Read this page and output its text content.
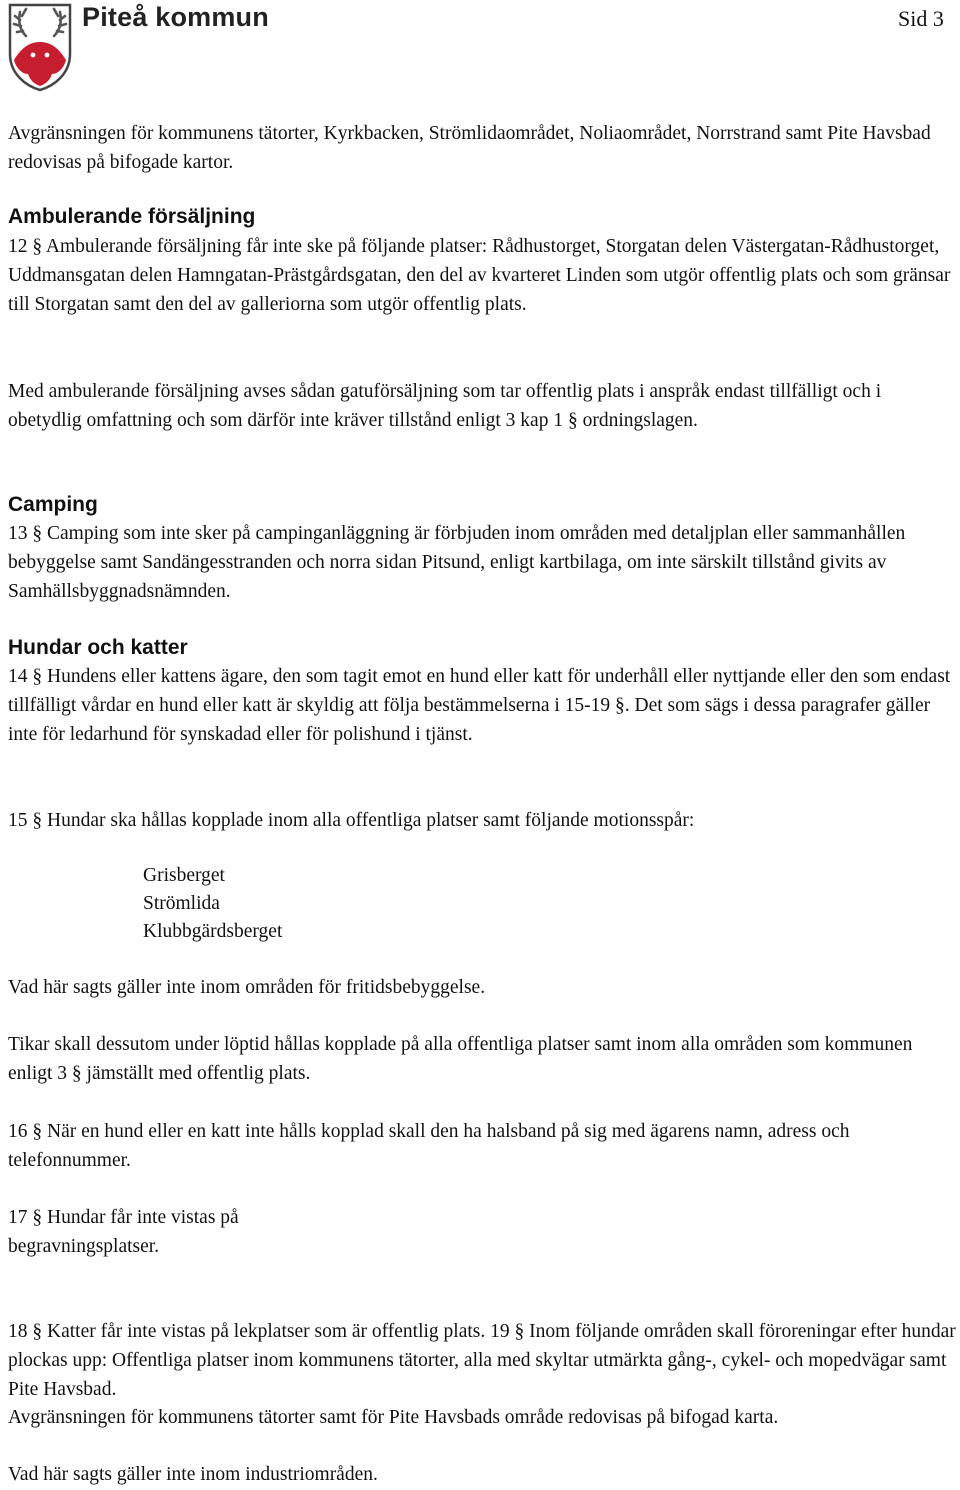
Piteå kommun	Sid 3

Avgränsningen för kommunens tätorter, Kyrkbacken, Strömlidaområdet, Noliaområdet, Norrstrand samt Pite Havsbad redovisas på bifogade kartor.

Ambulerande försäljning

12 § Ambulerande försäljning får inte ske på följande platser: Rådhustorget, Storgatan delen Västergatan-Rådhustorget, Uddmansgatan delen Hamngatan-Prästgårdsgatan, den del av kvarteret Linden som utgör offentlig plats och som gränsar till Storgatan samt den del av galleriorna som utgör offentlig plats.

Med ambulerande försäljning avses sådan gatuförsäljning som tar offentlig plats i anspråk endast tillfälligt och i obetydlig omfattning och som därför inte kräver tillstånd enligt 3 kap 1 § ordningslagen.

Camping

13 § Camping som inte sker på campinganläggning är förbjuden inom områden med detaljplan eller sammanhållen bebyggelse samt Sandängesstranden och norra sidan Pitsund, enligt kartbilaga, om inte särskilt tillstånd givits av Samhällsbyggnadsnämnden.

Hundar och katter

14 § Hundens eller kattens ägare, den som tagit emot en hund eller katt för underhåll eller nyttjande eller den som endast tillfälligt vårdar en hund eller katt är skyldig att följa bestämmelserna i 15-19 §. Det som sägs i dessa paragrafer gäller inte för ledarhund för synskadad eller för polishund i tjänst.

15 § Hundar ska hållas kopplade inom alla offentliga platser samt följande motionsspår:

Grisberget
Strömlida
Klubbgärdsberget

Vad här sagts gäller inte inom områden för fritidsbebyggelse.

Tikar skall dessutom under löptid hållas kopplade på alla offentliga platser samt inom alla områden som kommunen enligt 3 § jämställt med offentlig plats.

16 § När en hund eller en katt inte hålls kopplad skall den ha halsband på sig med ägarens namn, adress och telefonnummer.

17 § Hundar får inte vistas på

begravningsplatser.

18 § Katter får inte vistas på lekplatser som är offentlig plats. 19 § Inom följande områden skall föroreningar efter hundar plockas upp: Offentliga platser inom kommunens tätorter, alla med skyltar utmärkta gång-, cykel- och mopedvägar samt Pite Havsbad.

Avgränsningen för kommunens tätorter samt för Pite Havsbads område redovisas på bifogad karta.

Vad här sagts gäller inte inom industriområden.
